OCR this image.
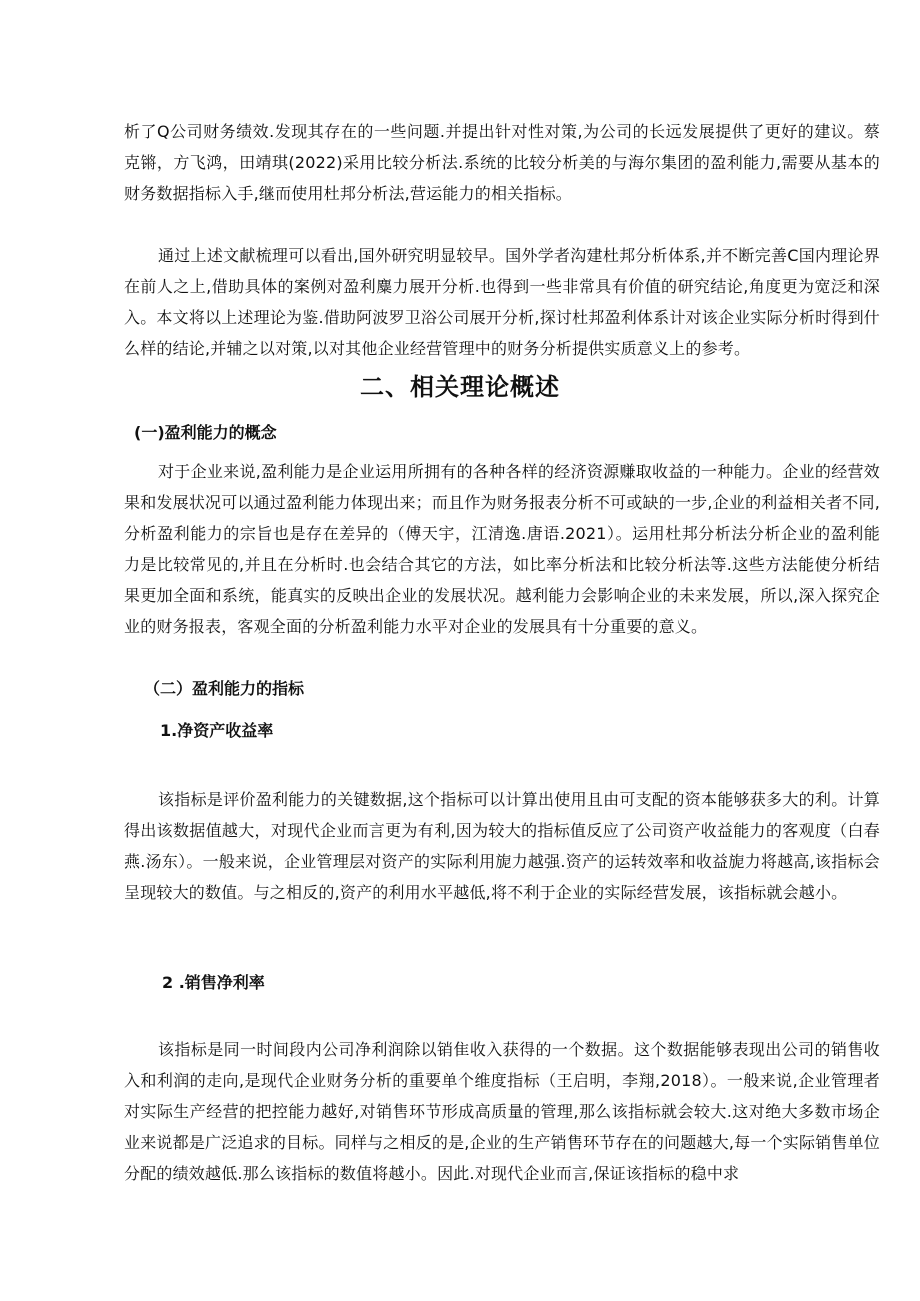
析了Q公司财务绩效.发现其存在的一些问题.并提出针对性对策,为公司的长远发展提供了更好的建议。蔡克锵，方飞鸿，田靖琪(2022)采用比较分析法.系统的比较分析美的与海尔集团的盈利能力,需要从基本的财务数据指标入手,继而使用杜邦分析法,营运能力的相关指标。

通过上述文献梳理可以看出,国外研究明显较早。国外学者沟建杜邦分析体系,并不断完善C国内理论界在前人之上,借助具体的案例对盈利麋力展开分析.也得到一些非常具有价值的研究结论,角度更为宽泛和深入。本文将以上述理论为鉴.借助阿波罗卫浴公司展开分析,探讨杜邦盈利体系计对该企业实际分析时得到什么样的结论,并辅之以对策,以对其他企业经营管理中的财务分析提供实质意义上的参考。

二、相关理论概述
(一)盈利能力的概念

对于企业来说,盈利能力是企业运用所拥有的各种各样的经济资源赚取收益的一种能力。企业的经营效果和发展状况可以通过盈利能力体现出来；而且作为财务报表分析不可或缺的一步,企业的利益相关者不同,分析盈利能力的宗旨也是存在差异的（傅天宇，江清逸.唐语.2021）。运用杜邦分析法分析企业的盈利能力是比较常见的,并且在分析时.也会结合其它的方法，如比率分析法和比较分析法等.这些方法能使分析结果更加全面和系统，能真实的反映出企业的发展状况。越利能力会影响企业的未来发展，所以,深入探究企业的财务报表，客观全面的分析盈利能力水平对企业的发展具有十分重要的意义。

（二）盈利能力的指标
1.净资产收益率

该指标是评价盈利能力的关键数据,这个指标可以计算出使用且由可支配的资本能够获多大的利。计算得出该数据值越大，对现代企业而言更为有利,因为较大的指标值反应了公司资产收益能力的客观度（白春燕.汤东）。一般来说，企业管理层对资产的实际利用旎力越强.资产的运转效率和收益旎力将越高,该指标会呈现较大的数值。与之相反的,资产的利用水平越低,将不利于企业的实际经营发展，该指标就会越小。

2 .销售净利率

该指标是同一时间段内公司净利润除以销隹收入获得的一个数据。这个数据能够表现出公司的销售收入和利润的走向,是现代企业财务分析的重要单个维度指标（王启明，李翔,2018）。一般来说,企业管理者对实际生产经营的把控能力越好,对销售环节形成高质量的管理,那么该指标就会较大.这对绝大多数市场企业来说都是广泛追求的目标。同样与之相反的是,企业的生产销售环节存在的问题越大,每一个实际销售单位分配的绩效越低.那么该指标的数值将越小。因此.对现代企业而言,保证该指标的稳中求
